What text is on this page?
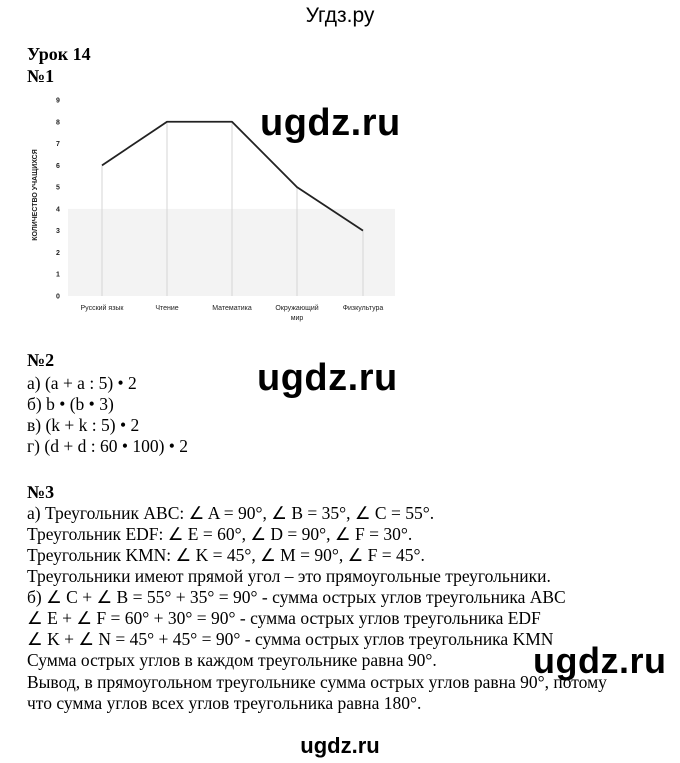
Угдз.ру
Урок 14
№1
0
1
2
3
4
5
6
7
8
9
Русский язык	Чтение	Математика	Окружающий
мир
Физкультура
КОЛИЧЕСТВО УЧАЩИХСЯ
ugdz.ru
№2
а) (а + а : 5) • 2
б) b • (b • 3)
в) (k + k : 5) • 2
г) (d + d : 60 • 100) • 2
ugdz.ru
№3
а) Треугольник ABC: ∠ A = 90°, ∠ B = 35°, ∠ C = 55°.
Треугольник EDF: ∠ E = 60°, ∠ D = 90°, ∠ F = 30°.
Треугольник KMN: ∠ K = 45°, ∠ M = 90°, ∠ F = 45°.
Треугольники имеют прямой угол – это прямоугольные треугольники.
б) ∠ C + ∠ B = 55° + 35° = 90° - сумма острых углов треугольника ABC
∠ E + ∠ F = 60° + 30° = 90° - сумма острых углов треугольника EDF
∠ K + ∠ N = 45° + 45° = 90° - сумма острых углов треугольника KMN
Сумма острых углов в каждом треугольнике равна 90°.
Вывод, в прямоугольном треугольнике сумма острых углов равна 90°, потому
что сумма углов всех углов треугольника равна 180°.
ugdz.ru
ugdz.ru
